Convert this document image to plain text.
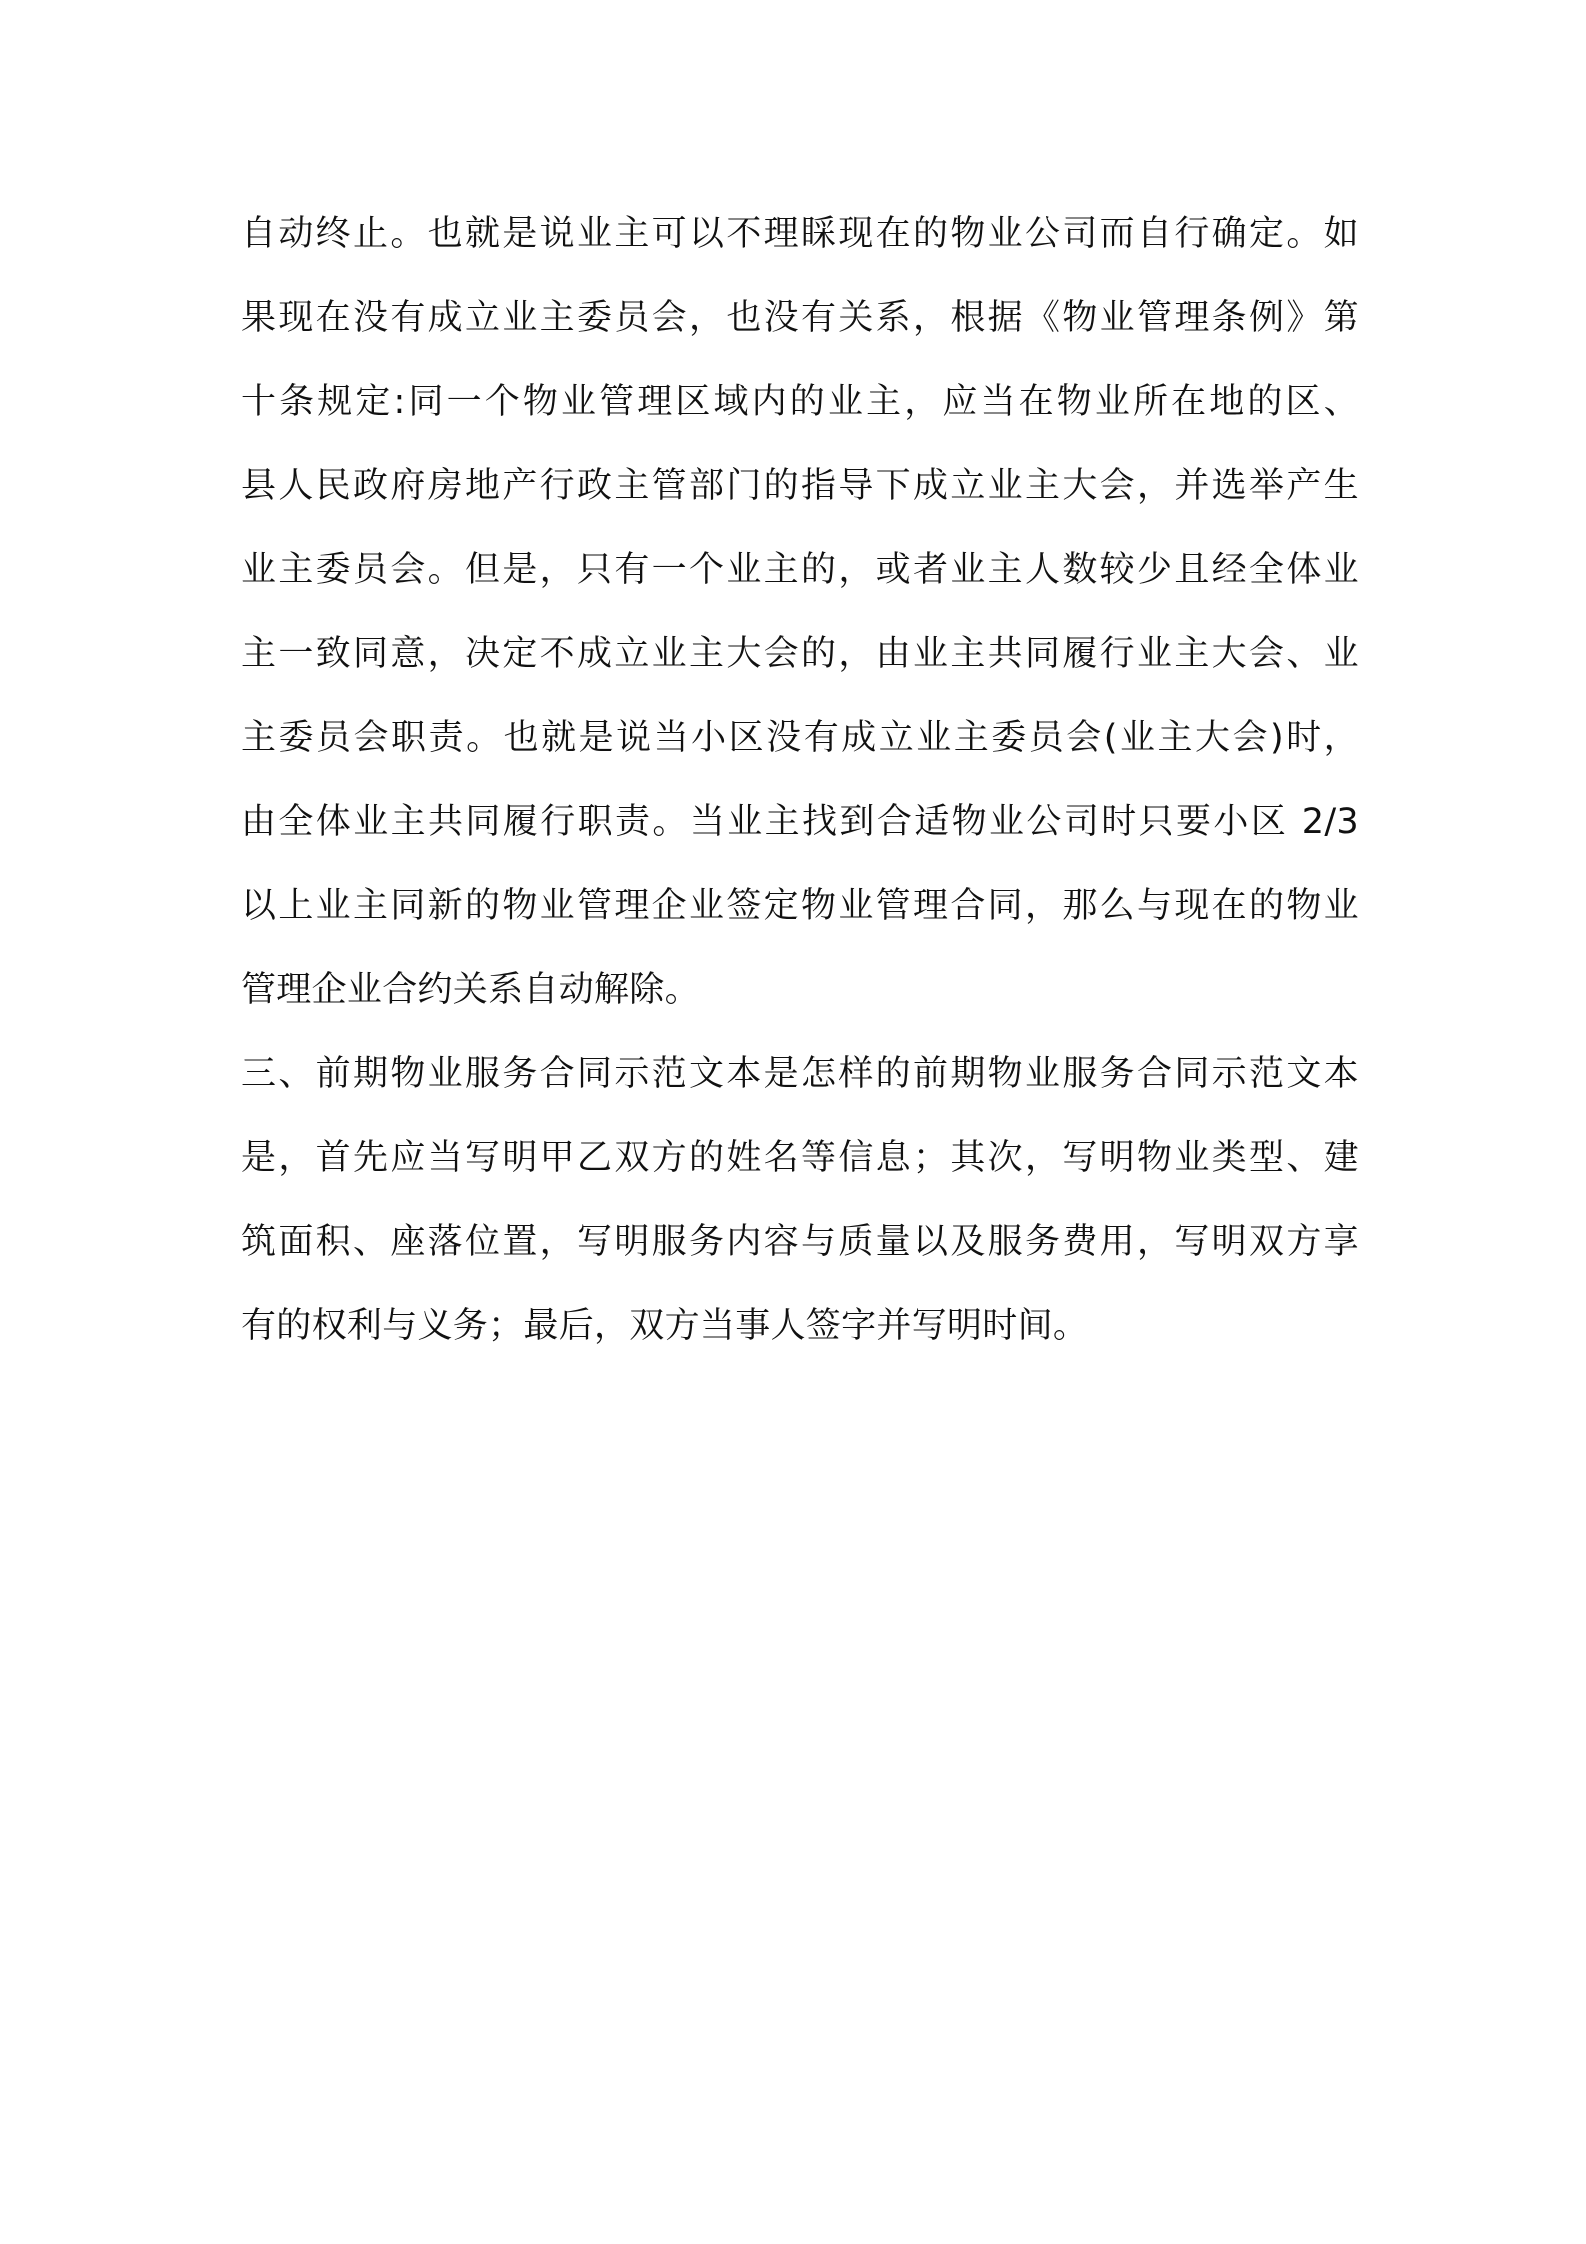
自动终止。也就是说业主可以不理睬现在的物业公司而自行确定。如
果现在没有成立业主委员会，也没有关系，根据《物业管理条例》第
十条规定:同一个物业管理区域内的业主，应当在物业所在地的区、
县人民政府房地产行政主管部门的指导下成立业主大会，并选举产生
业主委员会。但是，只有一个业主的，或者业主人数较少且经全体业
主一致同意，决定不成立业主大会的，由业主共同履行业主大会、业
主委员会职责。也就是说当小区没有成立业主委员会(业主大会)时，
由全体业主共同履行职责。当业主找到合适物业公司时只要小区 2/3
以上业主同新的物业管理企业签定物业管理合同，那么与现在的物业
管理企业合约关系自动解除。
三、前期物业服务合同示范文本是怎样的前期物业服务合同示范文本
是，首先应当写明甲乙双方的姓名等信息；其次，写明物业类型、建
筑面积、座落位置，写明服务内容与质量以及服务费用，写明双方享
有的权利与义务；最后，双方当事人签字并写明时间。
